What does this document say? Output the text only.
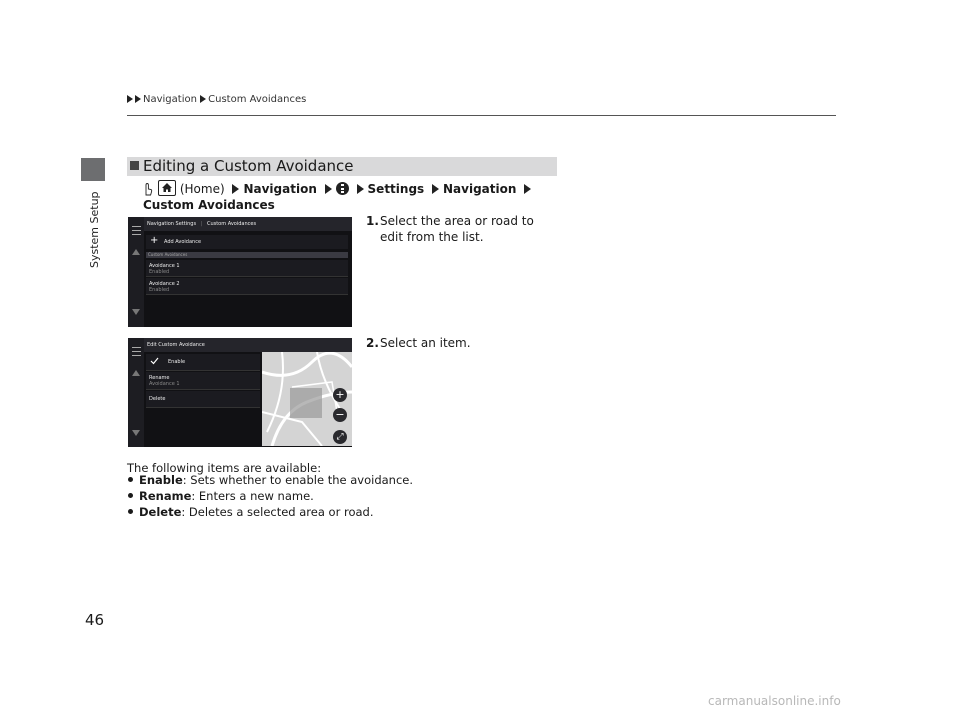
Navigation Custom Avoidances
System Setup
Editing a Custom Avoidance
(Home) Navigation	Settings Navigation Custom Avoidances
Navigation Settings | Custom Avoidances
+ Add Avoidance
Custom Avoidances
Avoidance 1
Enabled
Avoidance 2
Enabled
1. Select the area or road to edit from the list.
Edit Custom Avoidance
Enable
Rename
Avoidance 1
Delete	+
−
⤢
2. Select an item.
The following items are available:
Enable: Sets whether to enable the avoidance.
Rename: Enters a new name.
Delete: Deletes a selected area or road.
46
carmanualsonline.info
